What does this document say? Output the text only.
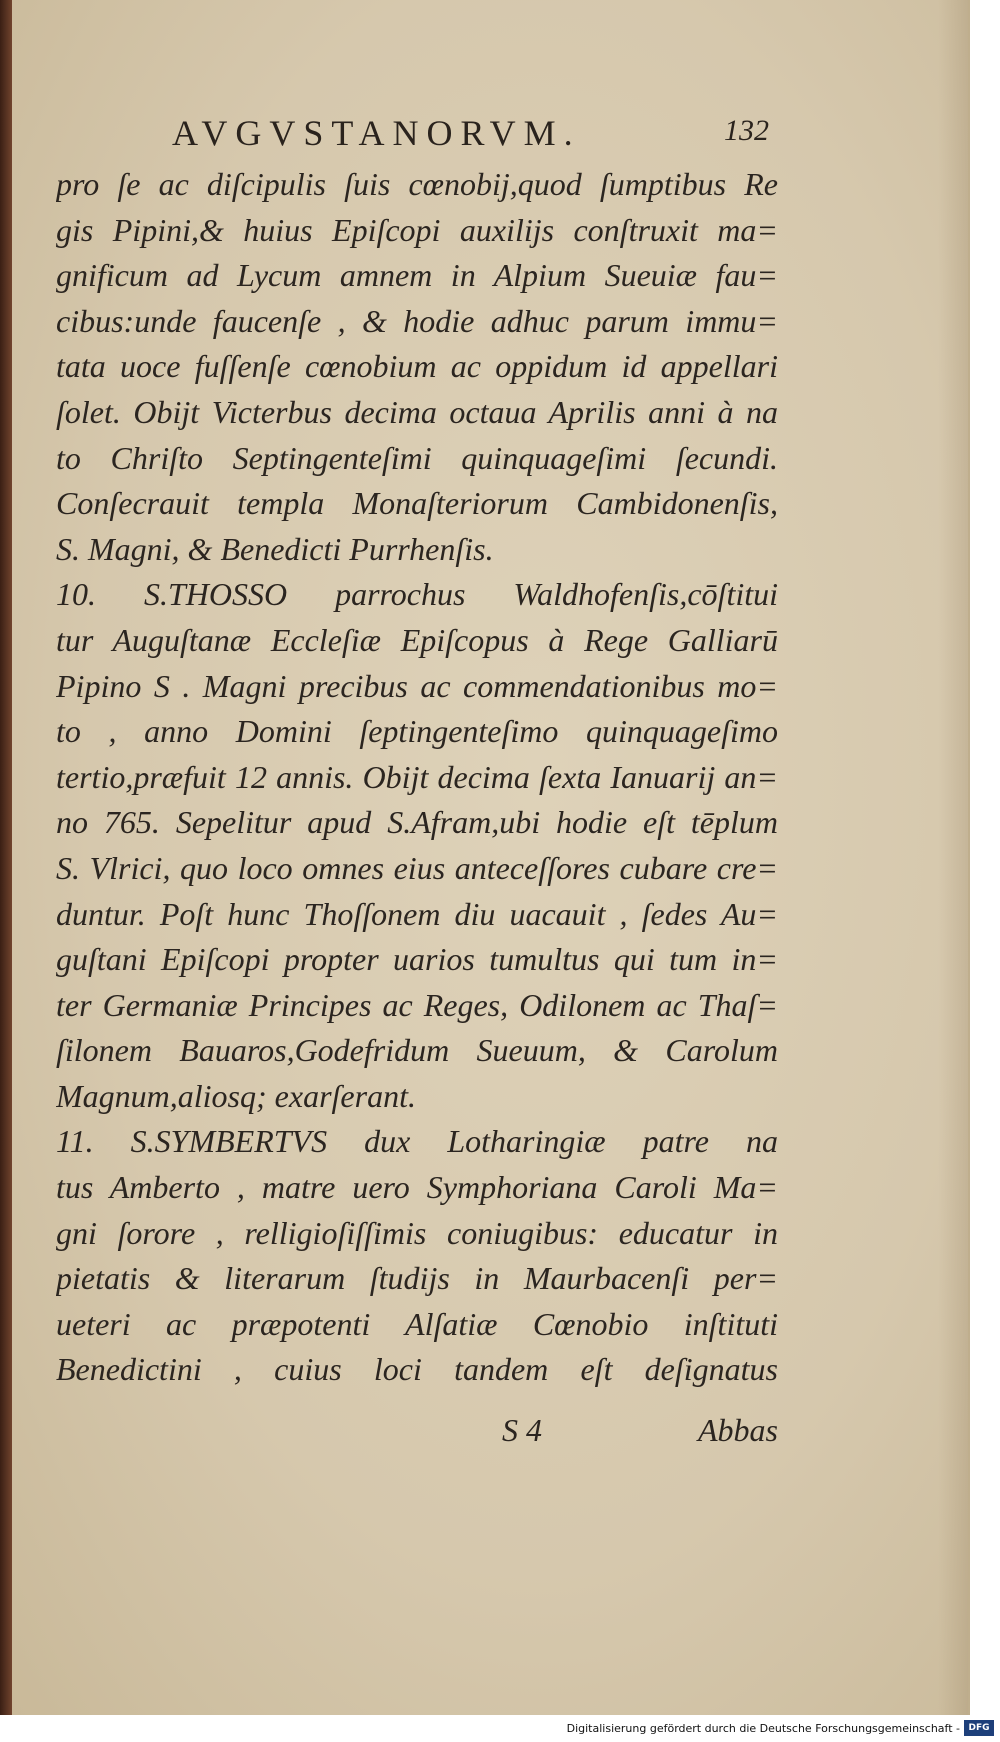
AVGVSTANORVM.	132
pro ſe ac diſcipulis ſuis cœnobij,quod ſumptibus Re
gis Pipini,& huius Epiſcopi auxilijs conſtruxit ma=
gnificum ad Lycum amnem in Alpium Sueuiæ fau=
cibus:unde faucenſe , & hodie adhuc parum immu=
tata uoce fuſſenſe cœnobium ac oppidum id appellari
ſolet. Obijt Victerbus decima octaua Aprilis anni à na
to Chriſto Septingenteſimi quinquageſimi ſecundi.
Conſecrauit templa Monaſteriorum Cambidonenſis,
S. Magni, & Benedicti Purrhenſis.
10. S.THOSSO parrochus Waldhofenſis,cōſtitui
tur Auguſtanæ Eccleſiæ Epiſcopus à Rege Galliarū
Pipino S . Magni precibus ac commendationibus mo=
to , anno Domini ſeptingenteſimo quinquageſimo
tertio,præfuit 12 annis. Obijt decima ſexta Ianuarij an=
no 765. Sepelitur apud S.Afram,ubi hodie eſt tēplum
S. Vlrici, quo loco omnes eius anteceſſores cubare cre=
duntur. Poſt hunc Thoſſonem diu uacauit , ſedes Au=
guſtani Epiſcopi propter uarios tumultus qui tum in=
ter Germaniæ Principes ac Reges, Odilonem ac Thaſ=
ſilonem Bauaros,Godefridum Sueuum, & Carolum
Magnum,aliosq; exarſerant.
11. S.SYMBERTVS dux Lotharingiæ patre na
tus Amberto , matre uero Symphoriana Caroli Ma=
gni ſorore , relligioſiſſimis coniugibus: educatur in
pietatis & literarum ſtudijs in Maurbacenſi per=
ueteri ac præpotenti Alſatiæ Cœnobio inſtituti
Benedictini , cuius loci tandem eſt deſignatus
S 4	Abbas
Digitalisierung gefördert durch die Deutsche Forschungsgemeinschaft - DFG
